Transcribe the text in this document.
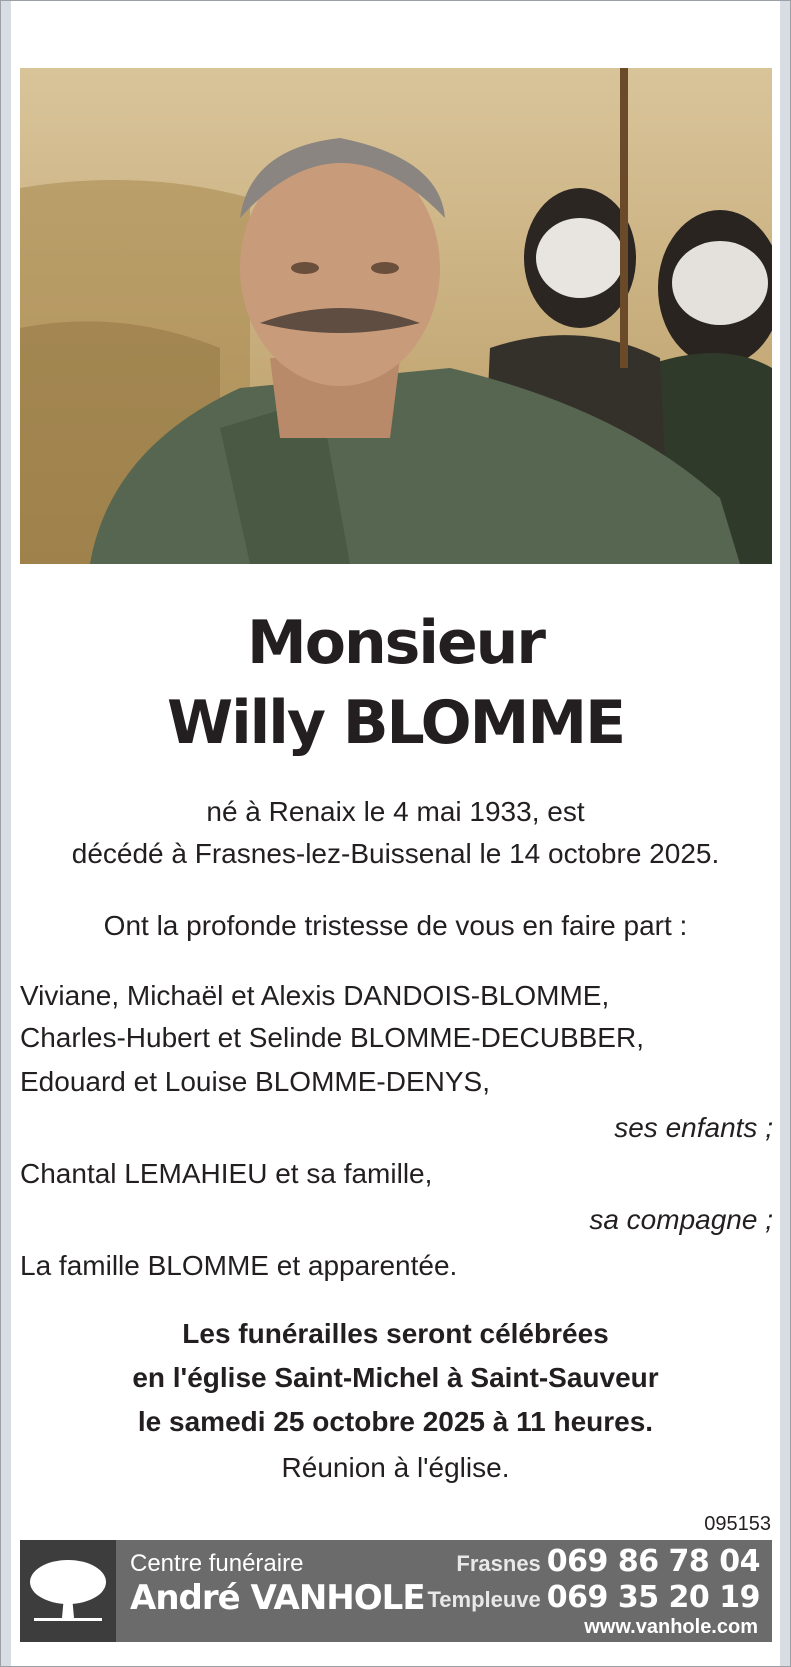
Monsieur
Willy BLOMME
né à Renaix le 4 mai 1933, est
décédé à Frasnes-lez-Buissenal le 14 octobre 2025.
Ont la profonde tristesse de vous en faire part :
Viviane, Michaël et Alexis DANDOIS-BLOMME,
Charles-Hubert et Selinde BLOMME-DECUBBER,
Edouard et Louise BLOMME-DENYS,
ses enfants ;
Chantal LEMAHIEU et sa famille,
sa compagne ;
La famille BLOMME et apparentée.
Les funérailles seront célébrées
en l'église Saint-Michel à Saint-Sauveur
le samedi 25 octobre 2025 à 11 heures.
Réunion à l'église.
095153
Centre funéraire
André VANHOLE
Frasnes 069 86 78 04
Templeuve 069 35 20 19
www.vanhole.com
